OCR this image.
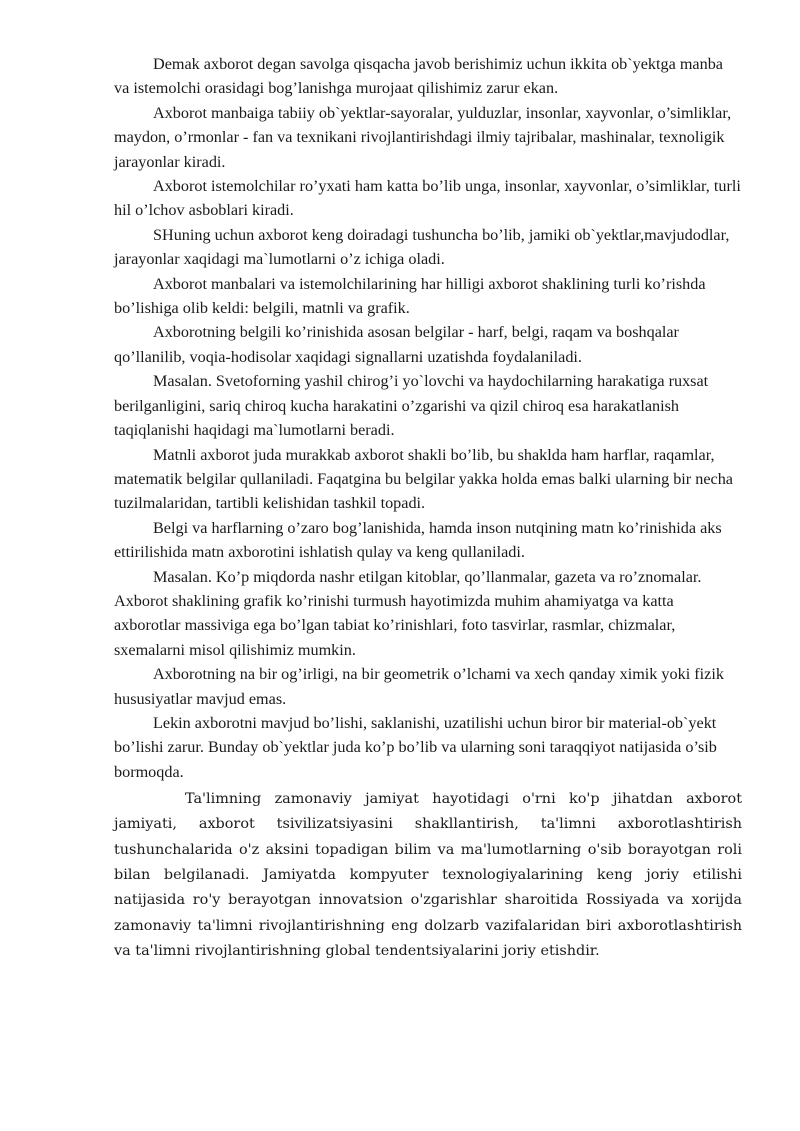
Demak axborot degan savolga qisqacha javob berishimiz uchun ikkita ob`yektga manba va istemolchi orasidagi bog’lanishga murojaat qilishimiz zarur ekan.

Axborot manbaiga tabiiy ob`yektlar-sayoralar, yulduzlar, insonlar, xayvonlar, o’simliklar, maydon, o’rmonlar - fan va texnikani rivojlantirishdagi ilmiy tajribalar, mashinalar, texnoligik jarayonlar kiradi.

Axborot istemolchilar ro’yxati ham katta bo’lib unga, insonlar, xayvonlar, o’simliklar, turli hil o’lchov asboblari kiradi.

SHuning uchun axborot keng doiradagi tushuncha bo’lib, jamiki ob`yektlar,mavjudodlar, jarayonlar xaqidagi ma`lumotlarni o’z ichiga oladi.

Axborot manbalari va istemolchilarining har hilligi axborot shaklining turli ko’rishda bo’lishiga olib keldi: belgili, matnli va grafik.

Axborotning belgili ko’rinishida asosan belgilar - harf, belgi, raqam va boshqalar qo’llanilib, voqia-hodisolar xaqidagi signallarni uzatishda foydalaniladi.

Masalan. Svetoforning yashil chirog’i yo`lovchi va haydochilarning harakatiga ruxsat berilganligini, sariq chiroq kucha harakatini o’zgarishi va qizil chiroq esa harakatlanish taqiqlanishi haqidagi ma`lumotlarni beradi.

Matnli axborot juda murakkab axborot shakli bo’lib, bu shaklda ham harflar, raqamlar, matematik belgilar qullaniladi. Faqatgina bu belgilar yakka holda emas balki ularning bir necha tuzilmalaridan, tartibli kelishidan tashkil topadi.

Belgi va harflarning o’zaro bog’lanishida, hamda inson nutqining matn ko’rinishida aks ettirilishida matn axborotini ishlatish qulay va keng qullaniladi.

Masalan. Ko’p miqdorda nashr etilgan kitoblar, qo’llanmalar, gazeta va ro’znomalar. Axborot shaklining grafik ko’rinishi turmush hayotimizda muhim ahamiyatga va katta axborotlar massiviga ega bo’lgan tabiat ko’rinishlari, foto tasvirlar, rasmlar, chizmalar, sxemalarni misol qilishimiz mumkin.

Axborotning na bir og’irligi, na bir geometrik o’lchami va xech qanday ximik yoki fizik hususiyatlar mavjud emas.

Lekin axborotni mavjud bo’lishi, saklanishi, uzatilishi uchun biror bir material-ob`yekt bo’lishi zarur. Bunday ob`yektlar juda ko’p bo’lib va ularning soni taraqqiyot natijasida o’sib bormoqda.

Ta'limning zamonaviy jamiyat hayotidagi o'rni ko'p jihatdan axborot jamiyati, axborot tsivilizatsiyasini shakllantirish, ta'limni axborotlashtirish tushunchalarida o'z aksini topadigan bilim va ma'lumotlarning o'sib borayotgan roli bilan belgilanadi. Jamiyatda kompyuter texnologiyalarining keng joriy etilishi natijasida ro'y berayotgan innovatsion o'zgarishlar sharoitida Rossiyada va xorijda zamonaviy ta'limni rivojlantirishning eng dolzarb vazifalaridan biri axborotlashtirish va ta'limni rivojlantirishning global tendentsiyalarini joriy etishdir.
